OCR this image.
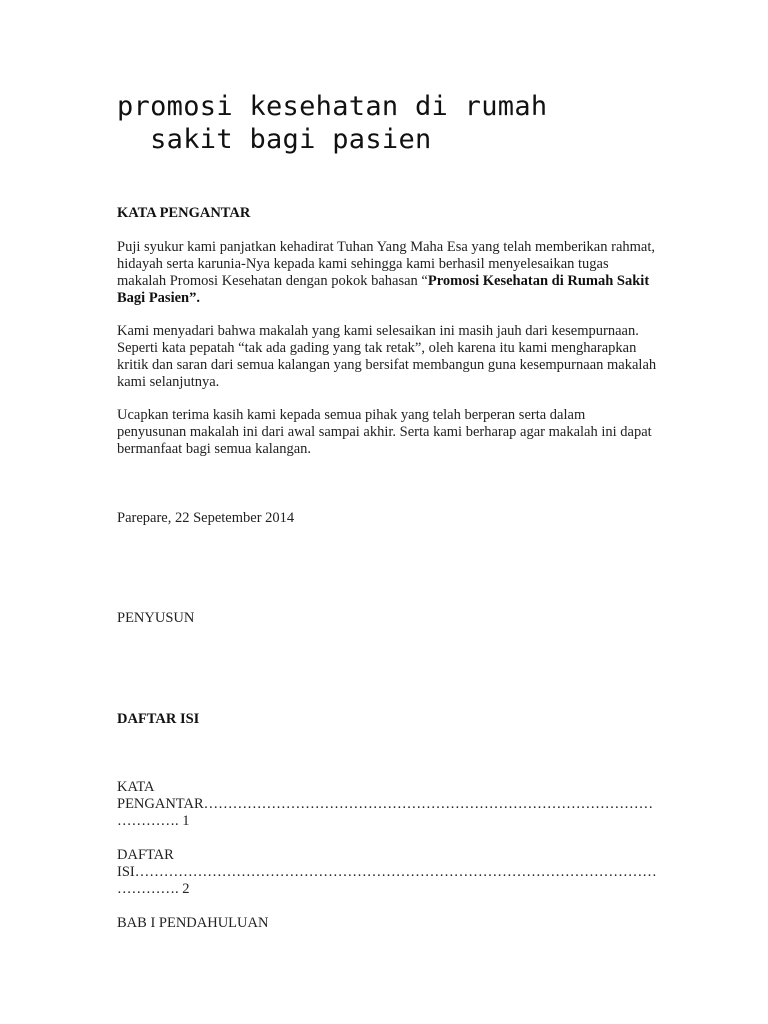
promosi kesehatan di rumah
sakit bagi pasien

KATA PENGANTAR

Puji syukur kami panjatkan kehadirat Tuhan Yang Maha Esa yang telah memberikan rahmat, hidayah serta karunia-Nya kepada kami sehingga kami berhasil menyelesaikan tugas makalah Promosi Kesehatan dengan pokok bahasan “Promosi Kesehatan di Rumah Sakit Bagi Pasien”.

Kami menyadari bahwa makalah yang kami selesaikan ini masih jauh dari kesempurnaan. Seperti kata pepatah “tak ada gading yang tak retak”, oleh karena itu kami mengharapkan kritik dan saran dari semua kalangan yang bersifat membangun guna kesempurnaan makalah kami selanjutnya.

Ucapkan terima kasih kami kepada semua pihak yang telah berperan serta dalam penyusunan makalah ini dari awal sampai akhir. Serta kami berharap agar makalah ini dapat bermanfaat bagi semua kalangan.

Parepare, 22 Sepetember 2014

PENYUSUN

DAFTAR ISI

KATA
PENGANTAR…………………………………………………………………………………
…………. 1
DAFTAR
ISI………………………………………………………………………………………………
…………. 2

BAB I PENDAHULUAN
